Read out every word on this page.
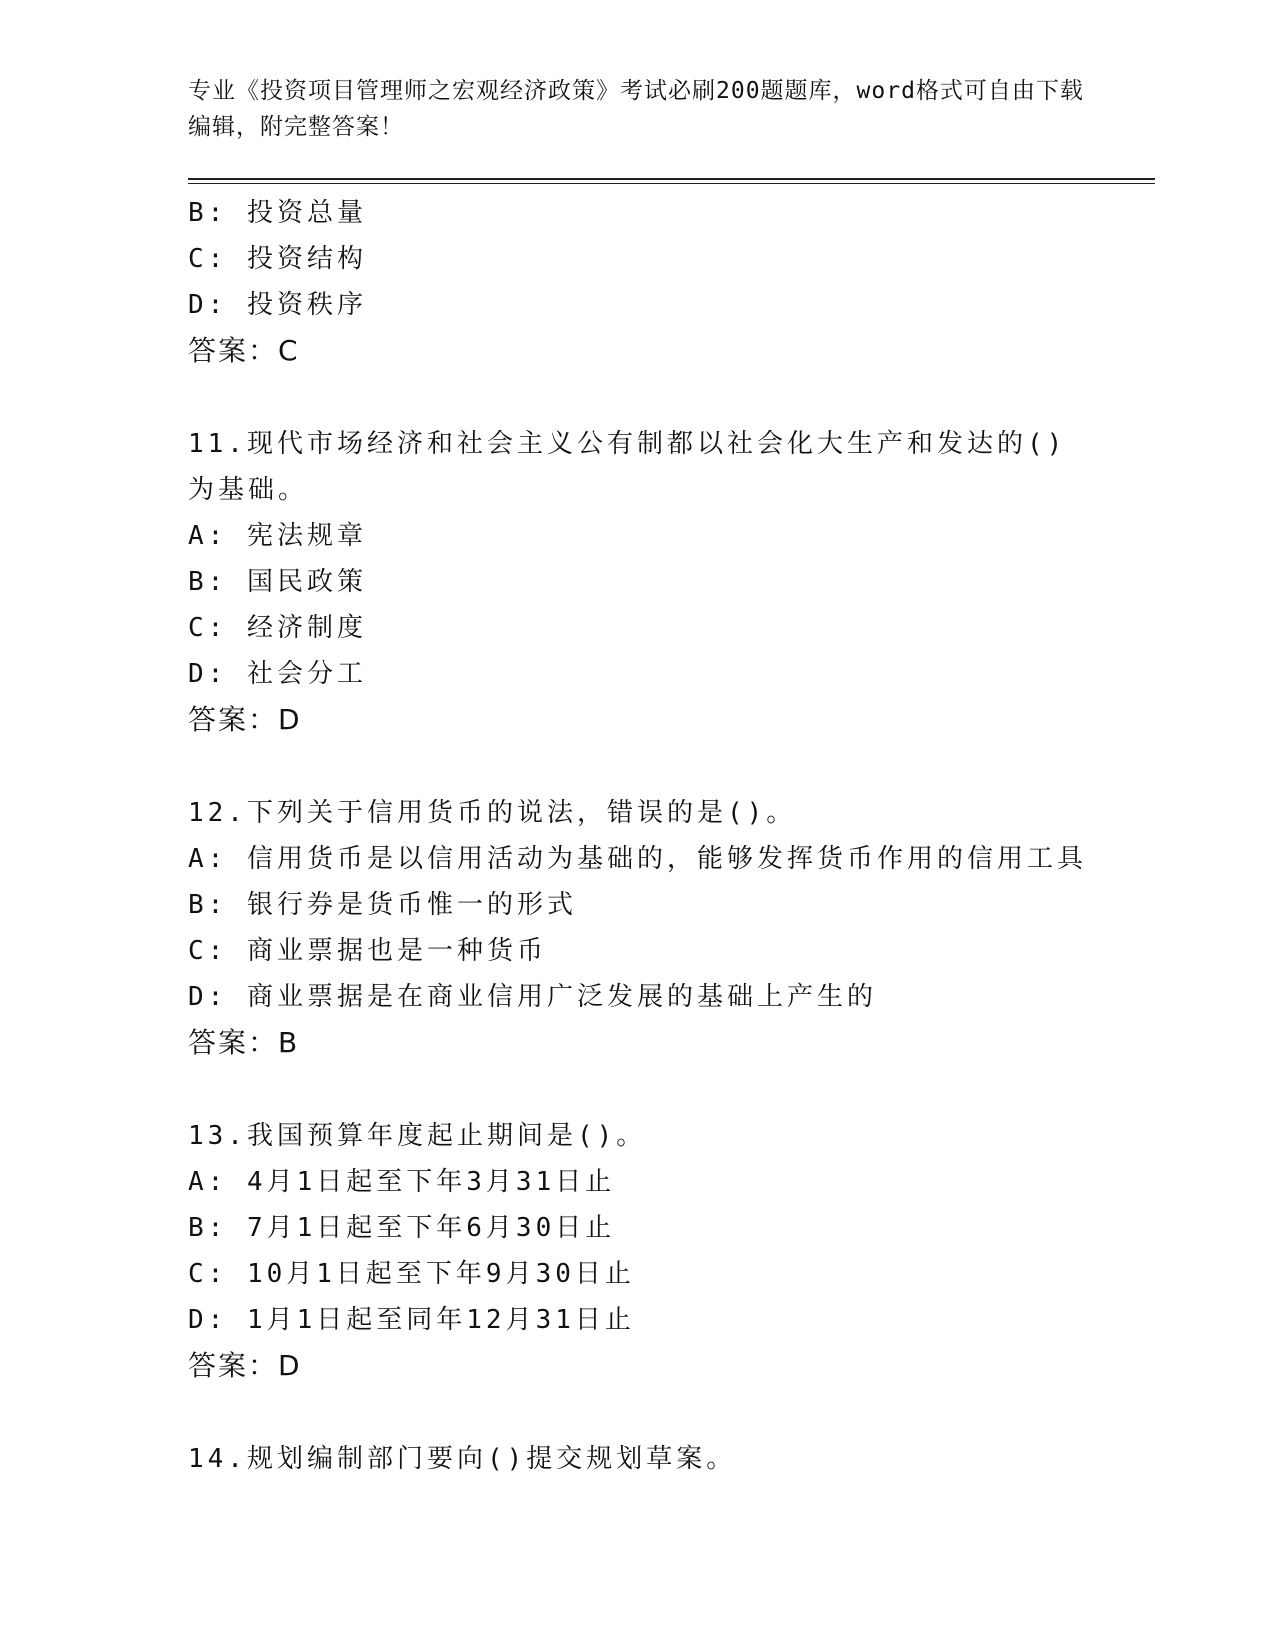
专业《投资项目管理师之宏观经济政策》考试必刷200题题库，word格式可自由下载编辑，附完整答案！
B: 投资总量
C: 投资结构
D: 投资秩序
答案：C
11.现代市场经济和社会主义公有制都以社会化大生产和发达的()为基础。
A: 宪法规章
B: 国民政策
C: 经济制度
D: 社会分工
答案：D
12.下列关于信用货币的说法，错误的是()。
A: 信用货币是以信用活动为基础的，能够发挥货币作用的信用工具
B: 银行券是货币惟一的形式
C: 商业票据也是一种货币
D: 商业票据是在商业信用广泛发展的基础上产生的
答案：B
13.我国预算年度起止期间是()。
A: 4月1日起至下年3月31日止
B: 7月1日起至下年6月30日止
C: 10月1日起至下年9月30日止
D: 1月1日起至同年12月31日止
答案：D
14.规划编制部门要向()提交规划草案。
